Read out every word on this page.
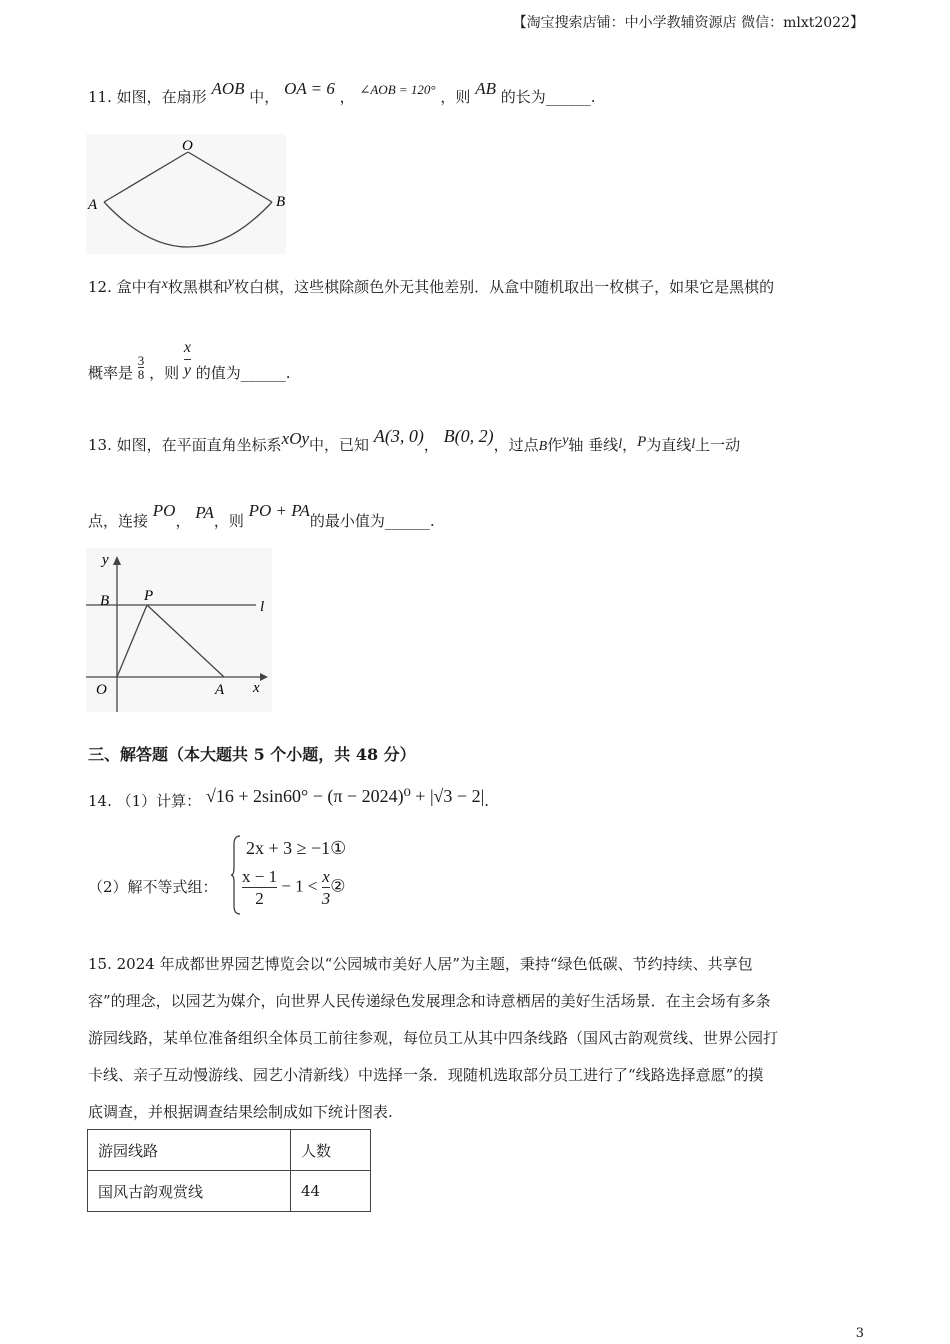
【淘宝搜索店铺：中小学教辅资源店 微信：mlxt2022】
11. 如图，在扇形 AOB 中， OA = 6 ， ∠AOB = 120° ，则 AB 的长为______.
O
A	B
12. 盒中有x枚黑棋和y枚白棋，这些棋除颜色外无其他差别．从盒中随机取出一枚棋子，如果它是黑棋的
概率是 $\frac{3}{8}$ ，则 $\frac{x}{y}$ 的值为______.
13. 如图，在平面直角坐标系xOy中，已知 A(3, 0)， B(0, 2)，过点B作y轴 垂线l，P为直线l上一动
点，连接 PO， PA，则 PO + PA的最小值为______.
y
B P
l
O	A x
三、解答题（本大题共 5 个小题，共 48 分）
14. （1）计算： √16 + 2sin60° − (π − 2024)⁰ + |√3 − 2|.
（2）解不等式组：
2x + 3 ≥ −1①
$\frac{x - 1}{2} - 1 < \frac{x}{3}$ ②
15. 2024 年成都世界园艺博览会以“公园城市美好人居”为主题，秉持“绿色低碳、节约持续、共享包
容”的理念，以园艺为媒介，向世界人民传递绿色发展理念和诗意栖居的美好生活场景．在主会场有多条
游园线路，某单位准备组织全体员工前往参观，每位员工从其中四条线路（国风古韵观赏线、世界公园打
卡线、亲子互动慢游线、园艺小清新线）中选择一条．现随机选取部分员工进行了“线路选择意愿”的摸
底调查，并根据调查结果绘制成如下统计图表.
游园线路	人数
国风古韵观赏线	44
3
